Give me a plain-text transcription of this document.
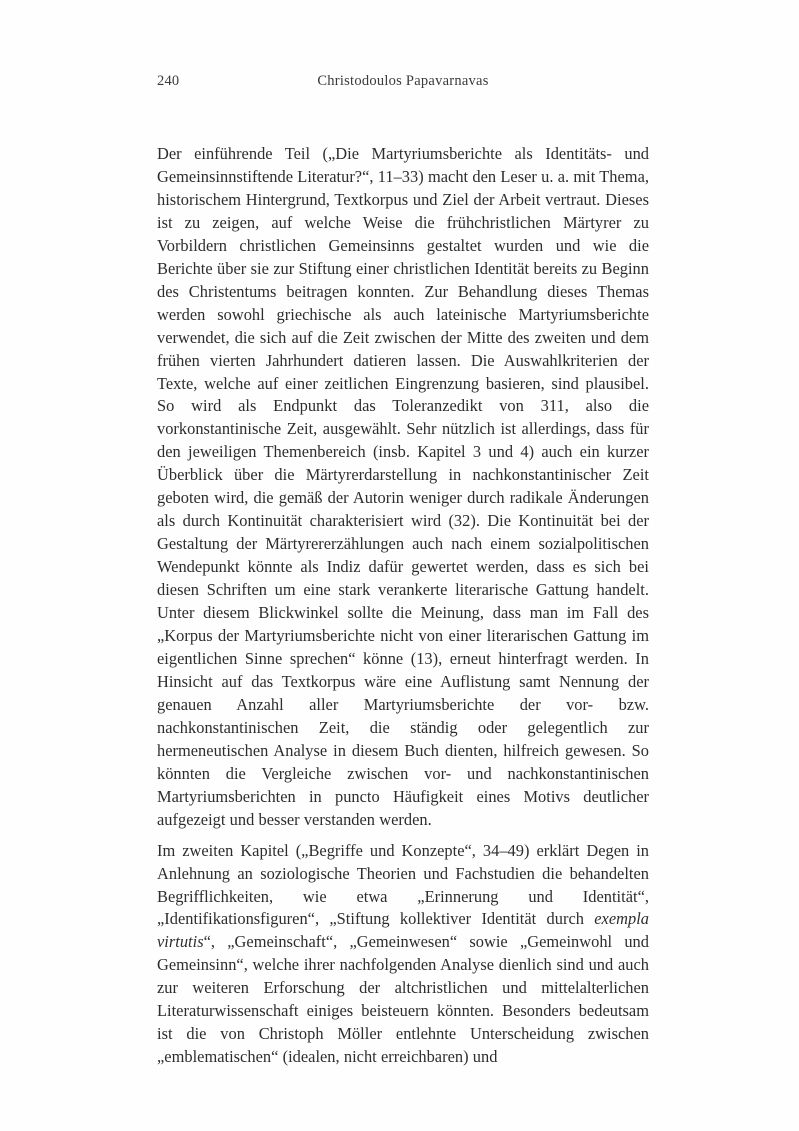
240	Christodoulos Papavarnavas

Der einführende Teil („Die Martyriumsberichte als Identitäts- und Gemeinsinnstiftende Literatur?“, 11–33) macht den Leser u. a. mit Thema, historischem Hintergrund, Textkorpus und Ziel der Arbeit vertraut. Dieses ist zu zeigen, auf welche Weise die frühchristlichen Märtyrer zu Vorbildern christlichen Gemeinsinns gestaltet wurden und wie die Berichte über sie zur Stiftung einer christlichen Identität bereits zu Beginn des Christentums beitragen konnten. Zur Behandlung dieses Themas werden sowohl griechische als auch lateinische Martyriumsberichte verwendet, die sich auf die Zeit zwischen der Mitte des zweiten und dem frühen vierten Jahrhundert datieren lassen. Die Auswahlkriterien der Texte, welche auf einer zeitlichen Eingrenzung basieren, sind plausibel. So wird als Endpunkt das Toleranzedikt von 311, also die vorkonstantinische Zeit, ausgewählt. Sehr nützlich ist allerdings, dass für den jeweiligen Themenbereich (insb. Kapitel 3 und 4) auch ein kurzer Überblick über die Märtyrerdarstellung in nachkonstantinischer Zeit geboten wird, die gemäß der Autorin weniger durch radikale Änderungen als durch Kontinuität charakterisiert wird (32). Die Kontinuität bei der Gestaltung der Märtyrererzählungen auch nach einem sozialpolitischen Wendepunkt könnte als Indiz dafür gewertet werden, dass es sich bei diesen Schriften um eine stark verankerte literarische Gattung handelt. Unter diesem Blickwinkel sollte die Meinung, dass man im Fall des „Korpus der Martyriumsberichte nicht von einer literarischen Gattung im eigentlichen Sinne sprechen“ könne (13), erneut hinterfragt werden. In Hinsicht auf das Textkorpus wäre eine Auflistung samt Nennung der genauen Anzahl aller Martyriumsberichte der vor- bzw. nachkonstantinischen Zeit, die ständig oder gelegentlich zur hermeneutischen Analyse in diesem Buch dienten, hilfreich gewesen. So könnten die Vergleiche zwischen vor- und nachkonstantinischen Martyriumsberichten in puncto Häufigkeit eines Motivs deutlicher aufgezeigt und besser verstanden werden.

Im zweiten Kapitel („Begriffe und Konzepte“, 34–49) erklärt Degen in Anlehnung an soziologische Theorien und Fachstudien die behandelten Begrifflichkeiten, wie etwa „Erinnerung und Identität“, „Identifikationsfiguren“, „Stiftung kollektiver Identität durch exempla virtutis“, „Gemeinschaft“, „Gemeinwesen“ sowie „Gemeinwohl und Gemeinsinn“, welche ihrer nachfolgenden Analyse dienlich sind und auch zur weiteren Erforschung der altchristlichen und mittelalterlichen Literaturwissenschaft einiges beisteuern könnten. Besonders bedeutsam ist die von Christoph Möller entlehnte Unterscheidung zwischen „emblematischen“ (idealen, nicht erreichbaren) und
